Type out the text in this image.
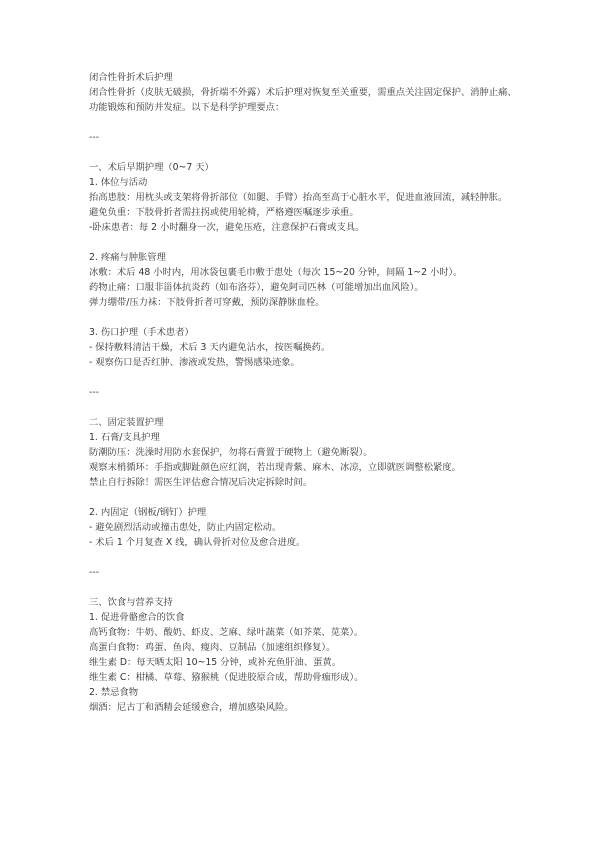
闭合性骨折术后护理
闭合性骨折（皮肤无破损，骨折端不外露）术后护理对恢复至关重要，需重点关注固定保护、消肿止痛、功能锻炼和预防并发症。以下是科学护理要点：
---
一、术后早期护理（0~7 天）
1. 体位与活动
抬高患肢：用枕头或支架将骨折部位（如腿、手臂）抬高至高于心脏水平，促进血液回流，减轻肿胀。
避免负重：下肢骨折者需拄拐或使用轮椅，严格遵医嘱逐步承重。
-卧床患者：每 2 小时翻身一次，避免压疮，注意保护石膏或支具。
2. 疼痛与肿胀管理
冰敷：术后 48 小时内，用冰袋包裹毛巾敷于患处（每次 15~20 分钟，间隔 1~2 小时）。
药物止痛：口服非甾体抗炎药（如布洛芬），避免阿司匹林（可能增加出血风险）。
弹力绷带/压力袜：下肢骨折者可穿戴，预防深静脉血栓。
3. 伤口护理（手术患者）
- 保持敷料清洁干燥，术后 3 天内避免沾水，按医嘱换药。
- 观察伤口是否红肿、渗液或发热，警惕感染迹象。
---
二、固定装置护理
1. 石膏/支具护理
防潮防压：洗澡时用防水套保护，勿将石膏置于硬物上（避免断裂）。
观察末梢循环：手指或脚趾颜色应红润，若出现青紫、麻木、冰凉，立即就医调整松紧度。
禁止自行拆除！需医生评估愈合情况后决定拆除时间。
2. 内固定（钢板/钢钉）护理
- 避免剧烈活动或撞击患处，防止内固定松动。
- 术后 1 个月复查 X 线，确认骨折对位及愈合进度。
---
三、饮食与营养支持
1. 促进骨骼愈合的饮食
高钙食物：牛奶、酸奶、虾皮、芝麻、绿叶蔬菜（如芥菜、苋菜）。
高蛋白食物：鸡蛋、鱼肉、瘦肉、豆制品（加速组织修复）。
维生素 D：每天晒太阳 10~15 分钟，或补充鱼肝油、蛋黄。
维生素 C：柑橘、草莓、猕猴桃（促进胶原合成，帮助骨痂形成）。
2. 禁忌食物
烟酒：尼古丁和酒精会延缓愈合，增加感染风险。
